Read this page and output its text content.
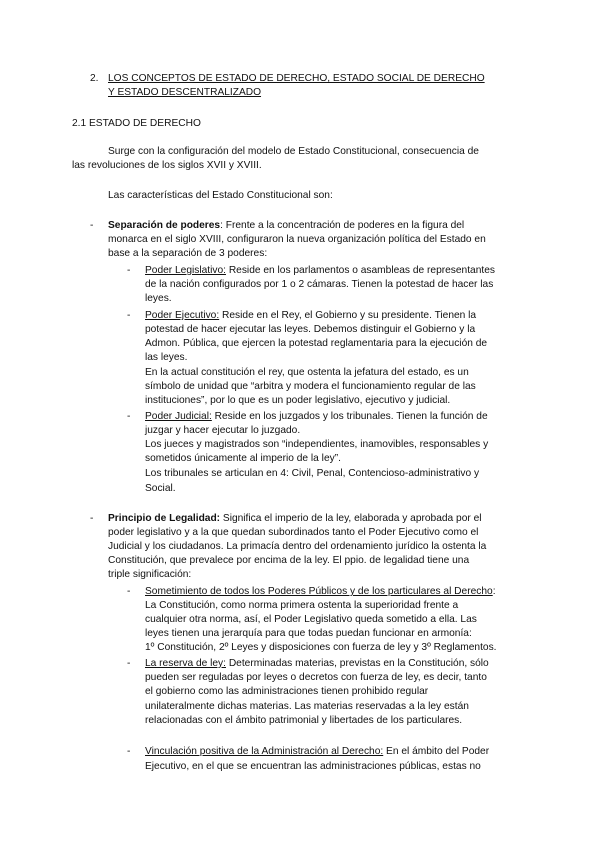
2. LOS CONCEPTOS DE ESTADO DE DERECHO, ESTADO SOCIAL DE DERECHO
Y ESTADO DESCENTRALIZADO
2.1 ESTADO DE DERECHO
Surge con la configuración del modelo de Estado Constitucional, consecuencia de
las revoluciones de los siglos XVII y XVIII.
Las características del Estado Constitucional son:
- Separación de poderes: Frente a la concentración de poderes en la figura del
monarca en el siglo XVIII, configuraron la nueva organización política del Estado en
base a la separación de 3 poderes:
- Poder Legislativo: Reside en los parlamentos o asambleas de representantes
de la nación configurados por 1 o 2 cámaras. Tienen la potestad de hacer las
leyes.
- Poder Ejecutivo: Reside en el Rey, el Gobierno y su presidente. Tienen la
potestad de hacer ejecutar las leyes. Debemos distinguir el Gobierno y la
Admon. Pública, que ejercen la potestad reglamentaria para la ejecución de
las leyes.
En la actual constitución el rey, que ostenta la jefatura del estado, es un
símbolo de unidad que “arbitra y modera el funcionamiento regular de las
instituciones”, por lo que es un poder legislativo, ejecutivo y judicial.
- Poder Judicial: Reside en los juzgados y los tribunales. Tienen la función de
juzgar y hacer ejecutar lo juzgado.
Los jueces y magistrados son “independientes, inamovibles, responsables y
sometidos únicamente al imperio de la ley”.
Los tribunales se articulan en 4: Civil, Penal, Contencioso-administrativo y
Social.
- Principio de Legalidad: Significa el imperio de la ley, elaborada y aprobada por el
poder legislativo y a la que quedan subordinados tanto el Poder Ejecutivo como el
Judicial y los ciudadanos. La primacía dentro del ordenamiento jurídico la ostenta la
Constitución, que prevalece por encima de la ley. El ppio. de legalidad tiene una
triple significación:
- Sometimiento de todos los Poderes Públicos y de los particulares al Derecho:
La Constitución, como norma primera ostenta la superioridad frente a
cualquier otra norma, así, el Poder Legislativo queda sometido a ella. Las
leyes tienen una jerarquía para que todas puedan funcionar en armonía:
1º Constitución, 2º Leyes y disposiciones con fuerza de ley y 3º Reglamentos.
- La reserva de ley: Determinadas materias, previstas en la Constitución, sólo
pueden ser reguladas por leyes o decretos con fuerza de ley, es decir, tanto
el gobierno como las administraciones tienen prohibido regular
unilateralmente dichas materias. Las materias reservadas a la ley están
relacionadas con el ámbito patrimonial y libertades de los particulares.
- Vinculación positiva de la Administración al Derecho: En el ámbito del Poder
Ejecutivo, en el que se encuentran las administraciones públicas, estas no
